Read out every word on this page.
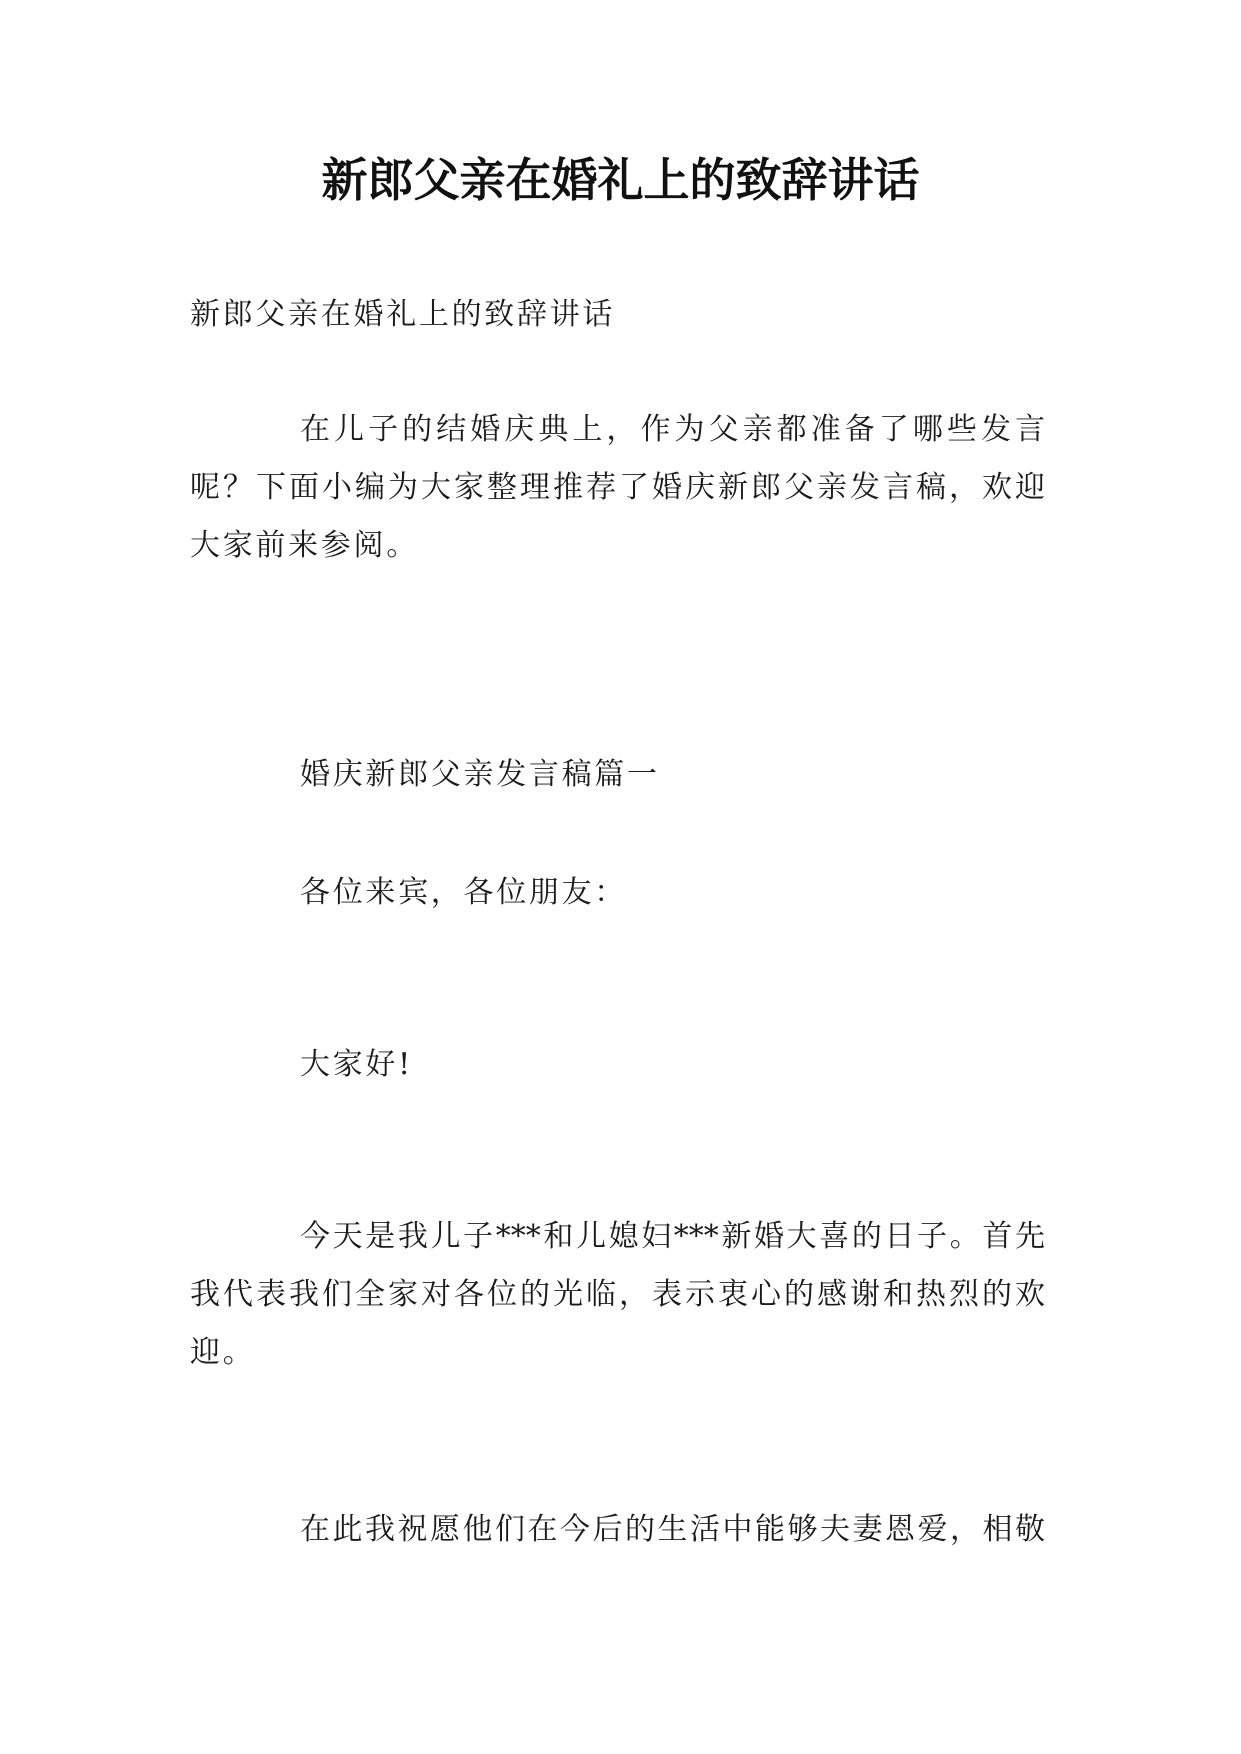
新郎父亲在婚礼上的致辞讲话
新郎父亲在婚礼上的致辞讲话
在儿子的结婚庆典上，作为父亲都准备了哪些发言
呢？下面小编为大家整理推荐了婚庆新郎父亲发言稿，欢迎
大家前来参阅。
婚庆新郎父亲发言稿篇一
各位来宾，各位朋友：
大家好!
今天是我儿子***和儿媳妇***新婚大喜的日子。首先
我代表我们全家对各位的光临，表示衷心的感谢和热烈的欢
迎。
在此我祝愿他们在今后的生活中能够夫妻恩爱，相敬
